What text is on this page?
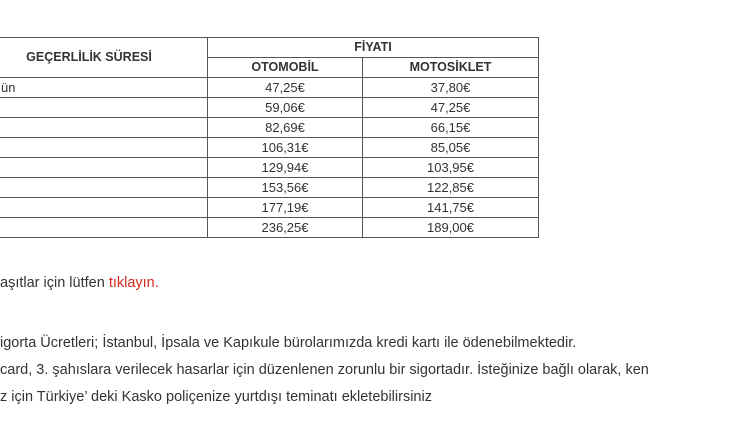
GEÇERLİLİK SÜRESİ	FİYATI	
	OTOMOBİL	MOTOSİKLET

ün	47,25€	37,80€
	59,06€	47,25€
	82,69€	66,15€
	106,31€	85,05€
	129,94€	103,95€
	153,56€	122,85€
	177,19€	141,75€
	236,25€	189,00€
aşıtlar için lütfen tıklayın.
igorta Ücretleri; İstanbul, İpsala ve Kapıkule bürolarımızda kredi kartı ile ödenebilmektedir.
card, 3. şahıslara verilecek hasarlar için düzenlenen zorunlu bir sigortadır. İsteğinize bağlı olarak, ken
z için Türkiye’ deki Kasko poliçenize yurtdışı teminatı ekletebilirsiniz
